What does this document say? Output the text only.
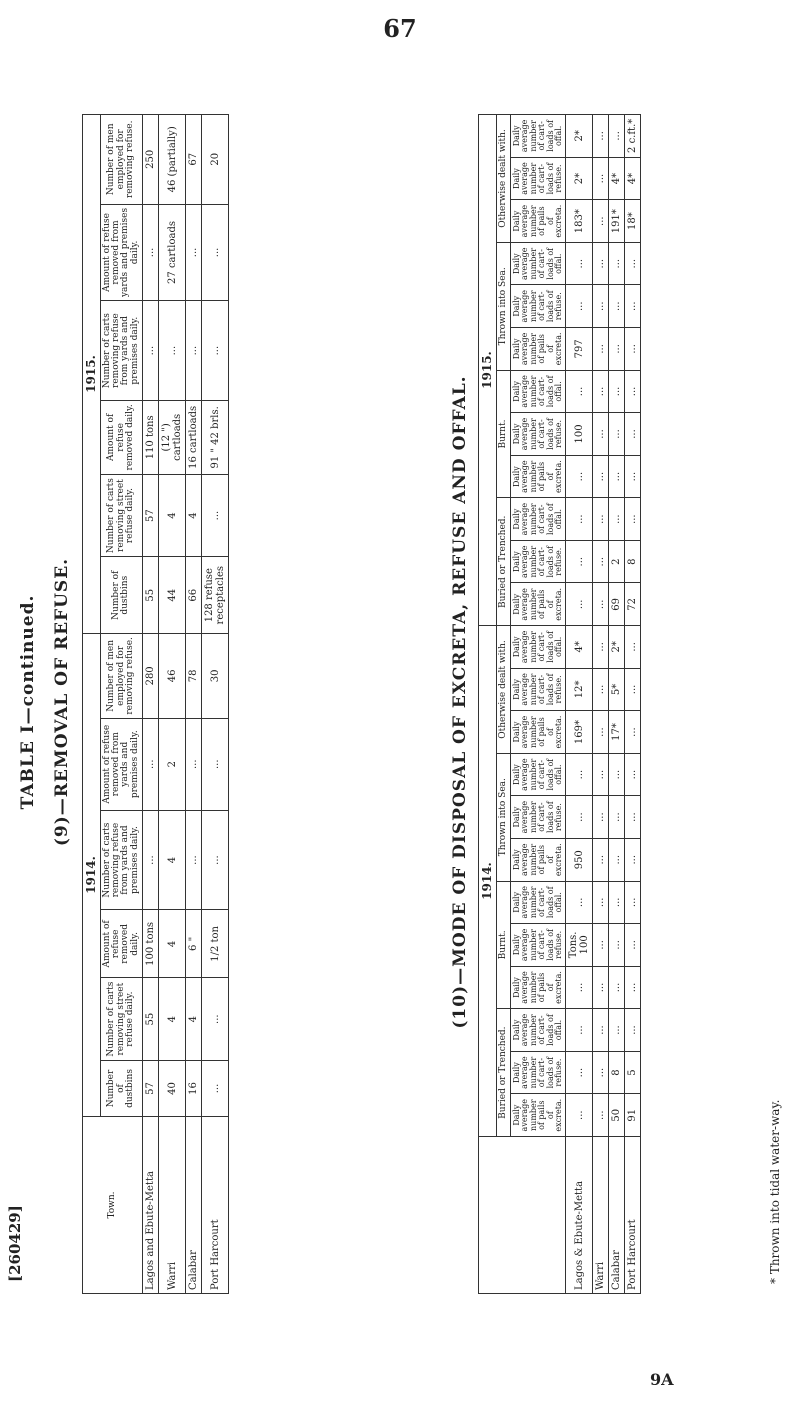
67
[260429]
TABLE I—continued. (9)—REMOVAL OF REFUSE.
Town.	1914.						1915.					
	Number of dustbins	Number of carts removing street refuse daily.	Amount of refuse removed daily.	Number of carts removing refuse from yards and premises daily.	Amount of refuse removed from yards and premises daily.	Number of men employed for removing refuse.	Number of dustbins	Number of carts removing street refuse daily.	Amount of refuse removed daily.	Number of carts removing refuse from yards and premises daily.	Amount of refuse removed from yards and premises daily.	Number of men employed for removing refuse.
Lagos and Ebute-Metta	57	55	100 tons	...	...	280	55	57	110 tons	...	...	250
Warri	40	4	4	4	2	46	44	4	(12 ") cartloads	...	27 cartloads	46 (partially)
Calabar	16	4	6 "	...	...	78	66	4	16 cartloads	...	...	67
Port Harcourt	...	...	1/2 ton	...	...	30	128 refuse receptacles	...	91 " 42 brls.	...	...	20
(10)—MODE OF DISPOSAL OF EXCRETA, REFUSE AND OFFAL.
	1914.												1915.											
	Buried or Trenched.			Burnt.			Thrown into Sea.			Otherwise dealt with.			Buried or Trenched.			Burnt.			Thrown into Sea.			Otherwise dealt with.		
	Daily average number of pails of excreta.	Daily average number of cart-loads of refuse.	Daily average number of cart-loads of offal.	Daily average number of pails of excreta.	Daily average number of cart-loads of refuse.	Daily average number of cart-loads of offal.	Daily average number of pails of excreta.	Daily average number of cart-loads of refuse.	Daily average number of cart-loads of offal.	Daily average number of pails of excreta.	Daily average number of cart-loads of refuse.	Daily average number of cart-loads of offal.	Daily average number of pails of excreta.	Daily average number of cart-loads of refuse.	Daily average number of cart-loads of offal.	Daily average number of pails of excreta.	Daily average number of cart-loads of refuse.	Daily average number of cart-loads of offal.	Daily average number of pails of excreta.	Daily average number of cart-loads of refuse.	Daily average number of cart-loads of offal.	Daily average number of pails of excreta.	Daily average number of cart-loads of refuse.	Daily average number of cart-loads of offal.
Lagos & Ebute-Metta	...	...	...	...	Tons. 100	...	950	...	...	169*	12*	4*	...	...	...	...	100	...	797	...	...	183*	2*	2*
Warri	...	...	...	...	...	...	...	...	...	...	...	...	...	...	...	...	...	...	...	...	...	...	...	...
Calabar	50	8	...	...	...	...	...	...	...	17*	5*	2*	69	2	...	...	...	...	...	...	...	191*	4*	...
Port Harcourt	91	5	...	...	...	...	...	...	...	...	...	...	72	8	...	...	...	...	...	...	...	18*	4*	2 c.ft.*
* Thrown into tidal water-way.
9A
